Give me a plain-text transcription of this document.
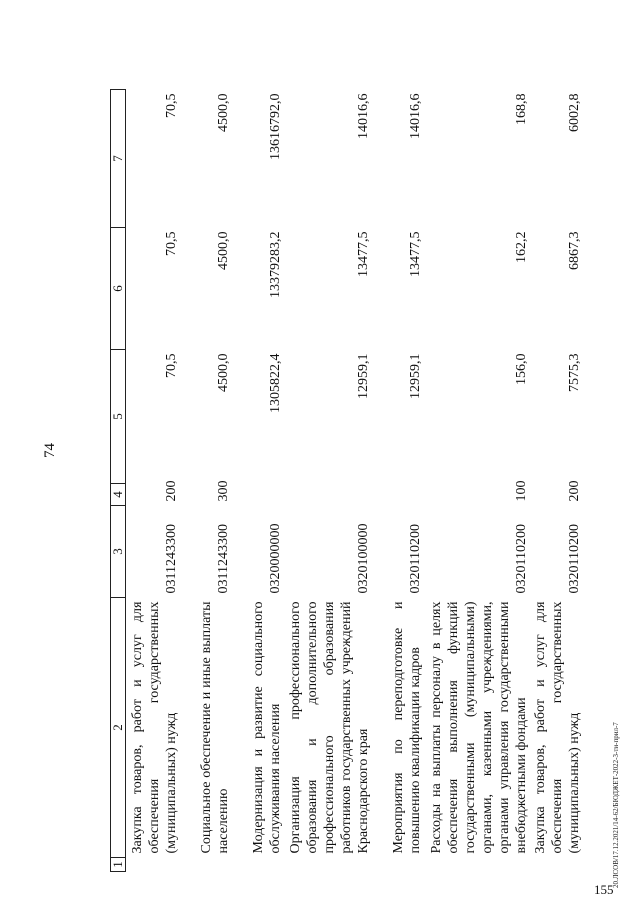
74
1	2	3	4	5	6	7
	Закупка товаров, работ и услуг для обеспечения государственных (муниципальных) нужд	0311243300	200	70,5	70,5	70,5
	Социальное обеспечение и иные выплаты населению	0311243300	300	4500,0	4500,0	4500,0
	Модернизация и развитие социального обслуживания населения	0320000000		1305822,4	13379283,2	13616792,0
	Организация профессионального образования и дополнительного профессионального образования работников государственных учреждений Краснодарского края	0320100000		12959,1	13477,5	14016,6
	Мероприятия по переподготовке и повышению квалификации кадров	0320110200		12959,1	13477,5	14016,6
	Расходы на выплаты персоналу в целях обеспечения выполнения функций государственными (муниципальными) органами, казенными учреждениями, органами управления государственными внебюджетными фондами	0320110200	100	156,0	162,2	168,8
	Закупка товаров, работ и услуг для обеспечения государственных (муниципальных) нужд	0320110200	200	7575,3	6867,3	6002,8
20.ЛСОВ/17.12.2021/14-62/БЮДЖЕТ-2022-3-ти-прил-7
155
